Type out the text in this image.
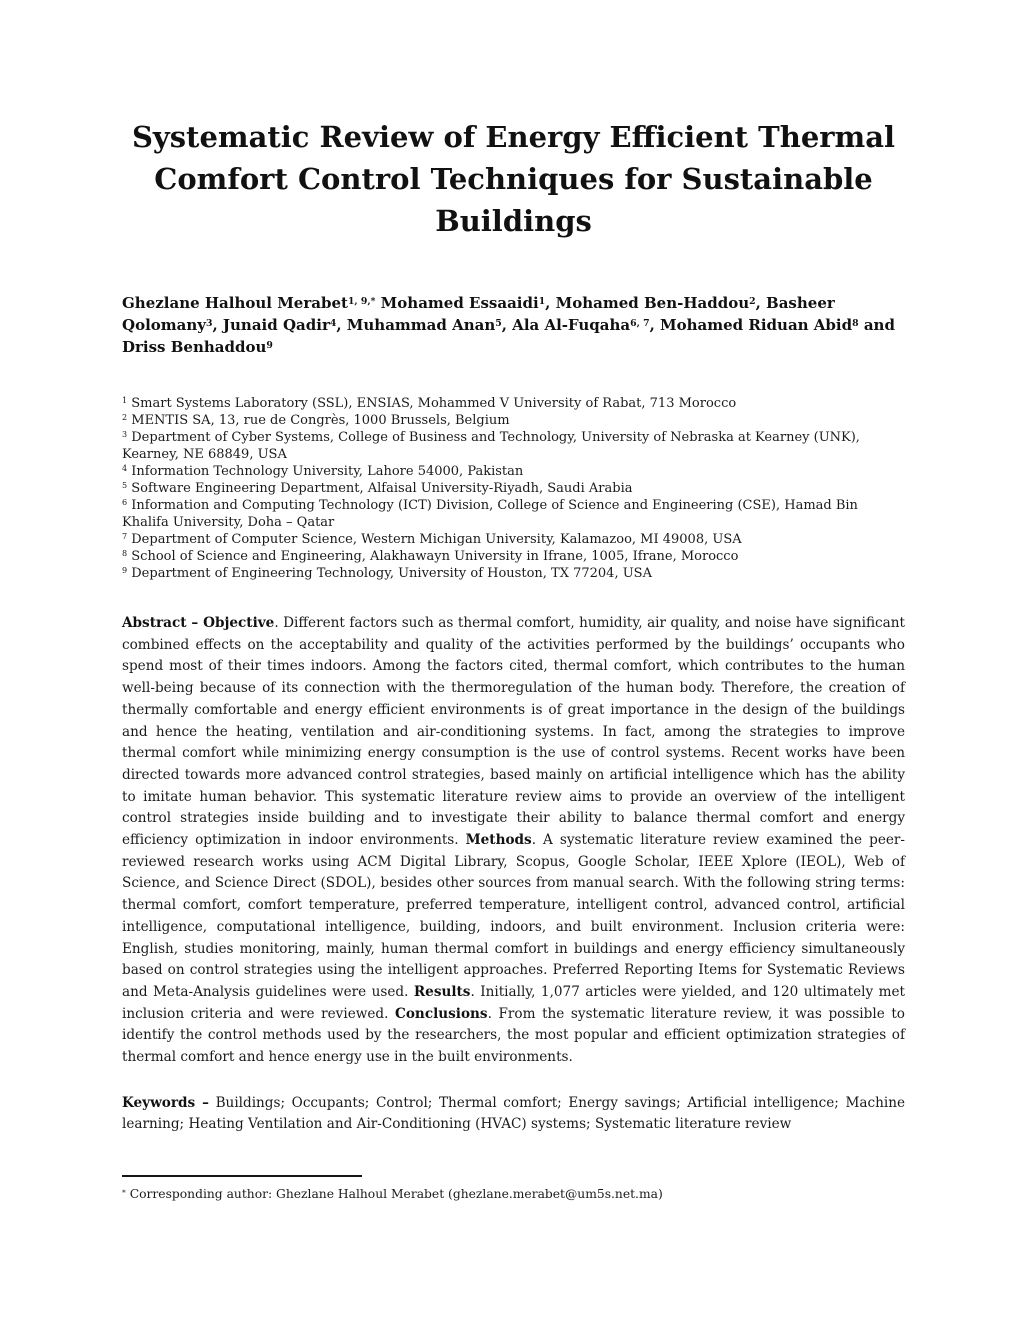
Systematic Review of Energy Efficient Thermal Comfort Control Techniques for Sustainable Buildings

Ghezlane Halhoul Merabet$^{1, 9,*}$ Mohamed Essaaidi$^1$, Mohamed Ben-Haddou$^2$, Basheer Qolomany$^3$, Junaid Qadir$^4$, Muhammad Anan$^5$, Ala Al-Fuqaha$^{6, 7}$, Mohamed Riduan Abid$^8$ and Driss Benhaddou$^9$

$^1$ Smart Systems Laboratory (SSL), ENSIAS, Mohammed V University of Rabat, 713 Morocco
$^2$ MENTIS SA, 13, rue de Congrès, 1000 Brussels, Belgium
$^3$ Department of Cyber Systems, College of Business and Technology, University of Nebraska at Kearney (UNK), Kearney, NE 68849, USA
$^4$ Information Technology University, Lahore 54000, Pakistan
$^5$ Software Engineering Department, Alfaisal University-Riyadh, Saudi Arabia
$^6$ Information and Computing Technology (ICT) Division, College of Science and Engineering (CSE), Hamad Bin Khalifa University, Doha – Qatar
$^7$ Department of Computer Science, Western Michigan University, Kalamazoo, MI 49008, USA
$^8$ School of Science and Engineering, Alakhawayn University in Ifrane, 1005, Ifrane, Morocco
$^9$ Department of Engineering Technology, University of Houston, TX 77204, USA

Abstract – Objective. Different factors such as thermal comfort, humidity, air quality, and noise have significant combined effects on the acceptability and quality of the activities performed by the buildings’ occupants who spend most of their times indoors. Among the factors cited, thermal comfort, which contributes to the human well-being because of its connection with the thermoregulation of the human body. Therefore, the creation of thermally comfortable and energy efficient environments is of great importance in the design of the buildings and hence the heating, ventilation and air-conditioning systems. In fact, among the strategies to improve thermal comfort while minimizing energy consumption is the use of control systems. Recent works have been directed towards more advanced control strategies, based mainly on artificial intelligence which has the ability to imitate human behavior. This systematic literature review aims to provide an overview of the intelligent control strategies inside building and to investigate their ability to balance thermal comfort and energy efficiency optimization in indoor environments. Methods. A systematic literature review examined the peer-reviewed research works using ACM Digital Library, Scopus, Google Scholar, IEEE Xplore (IEOL), Web of Science, and Science Direct (SDOL), besides other sources from manual search. With the following string terms: thermal comfort, comfort temperature, preferred temperature, intelligent control, advanced control, artificial intelligence, computational intelligence, building, indoors, and built environment. Inclusion criteria were: English, studies monitoring, mainly, human thermal comfort in buildings and energy efficiency simultaneously based on control strategies using the intelligent approaches. Preferred Reporting Items for Systematic Reviews and Meta-Analysis guidelines were used. Results. Initially, 1,077 articles were yielded, and 120 ultimately met inclusion criteria and were reviewed. Conclusions. From the systematic literature review, it was possible to identify the control methods used by the researchers, the most popular and efficient optimization strategies of thermal comfort and hence energy use in the built environments.

Keywords – Buildings; Occupants; Control; Thermal comfort; Energy savings; Artificial intelligence; Machine learning; Heating Ventilation and Air-Conditioning (HVAC) systems; Systematic literature review

* Corresponding author: Ghezlane Halhoul Merabet (ghezlane.merabet@um5s.net.ma)
